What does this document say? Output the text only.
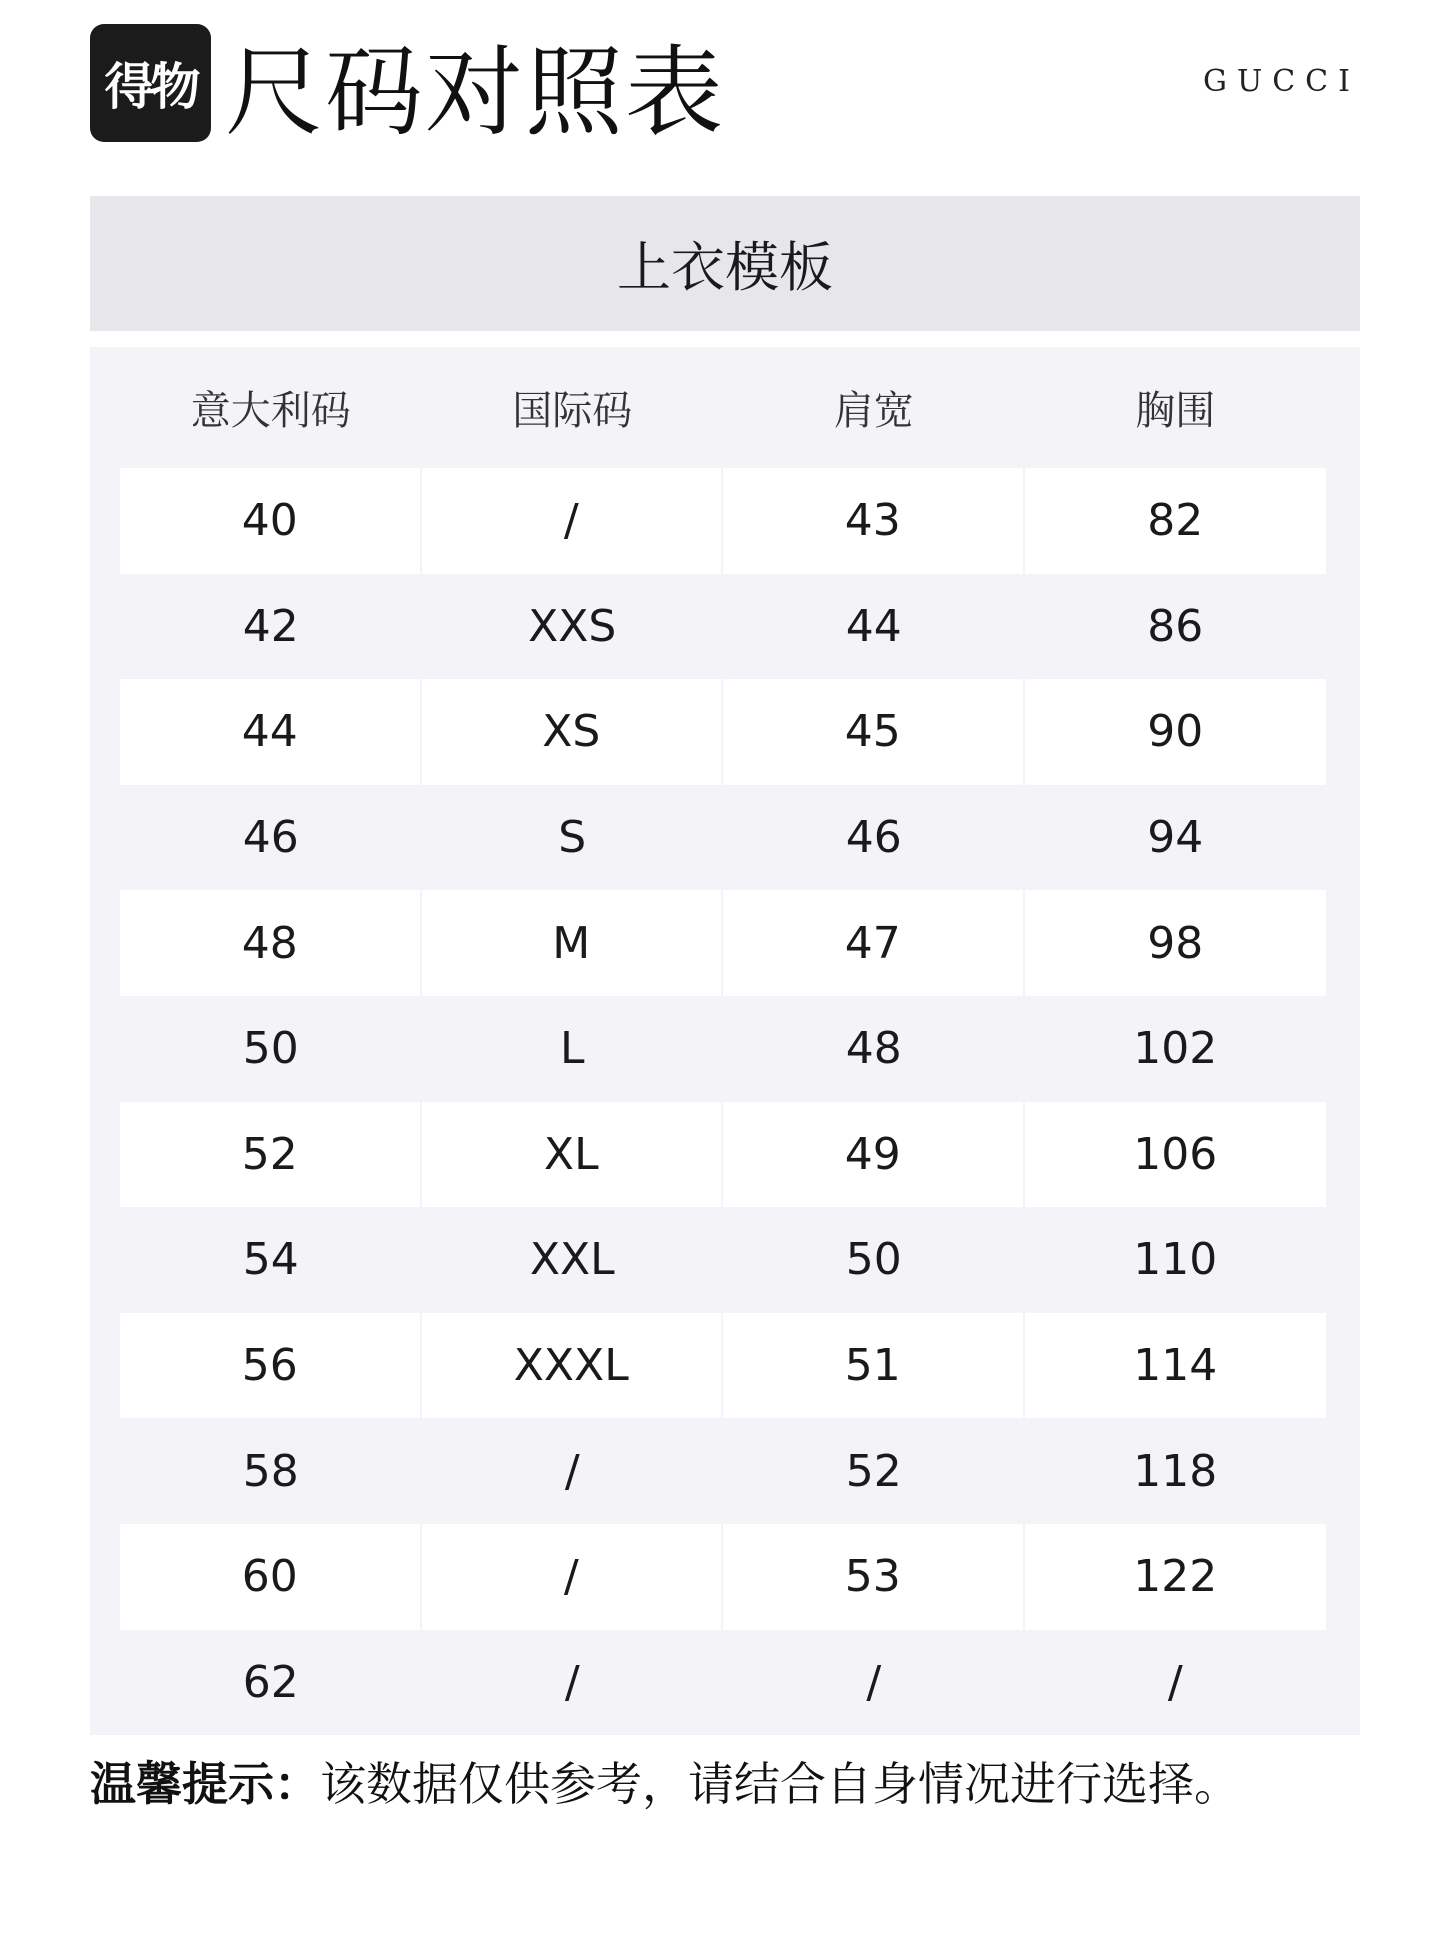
得物 尺码对照表	GUCCI
上衣模板
意大利码	国际码	肩宽	胸围
40	/	43	82
42	XXS	44	86
44	XS	45	90
46	S	46	94
48	M	47	98
50	L	48	102
52	XL	49	106
54	XXL	50	110
56	XXXL	51	114
58	/	52	118
60	/	53	122
62	/	/	/
温馨提示：该数据仅供参考，请结合自身情况进行选择。
